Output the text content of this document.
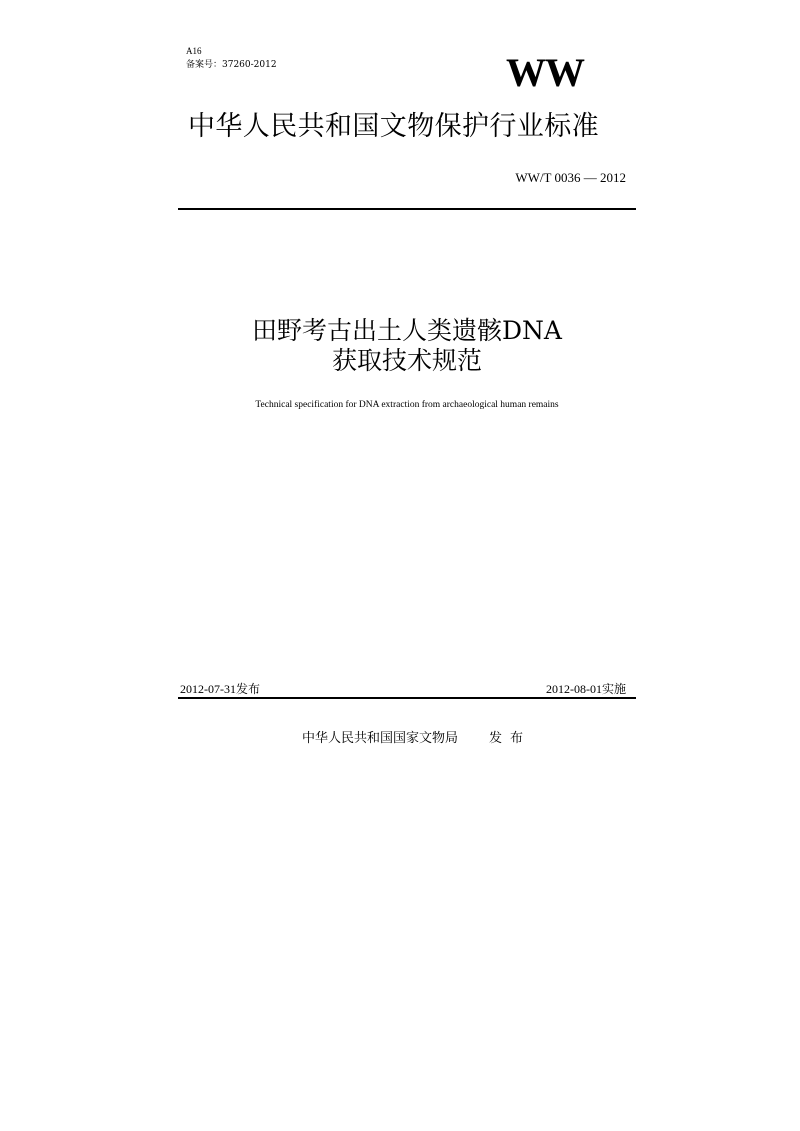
A16
备案号：37260-2012	WW
中华人民共和国文物保护行业标准
WW/T 0036 — 2012
田野考古出土人类遗骸DNA
获取技术规范
Technical specification for DNA extraction from archaeological human remains
2012-07-31发布	2012-08-01实施
中华人民共和国国家文物局 发布
